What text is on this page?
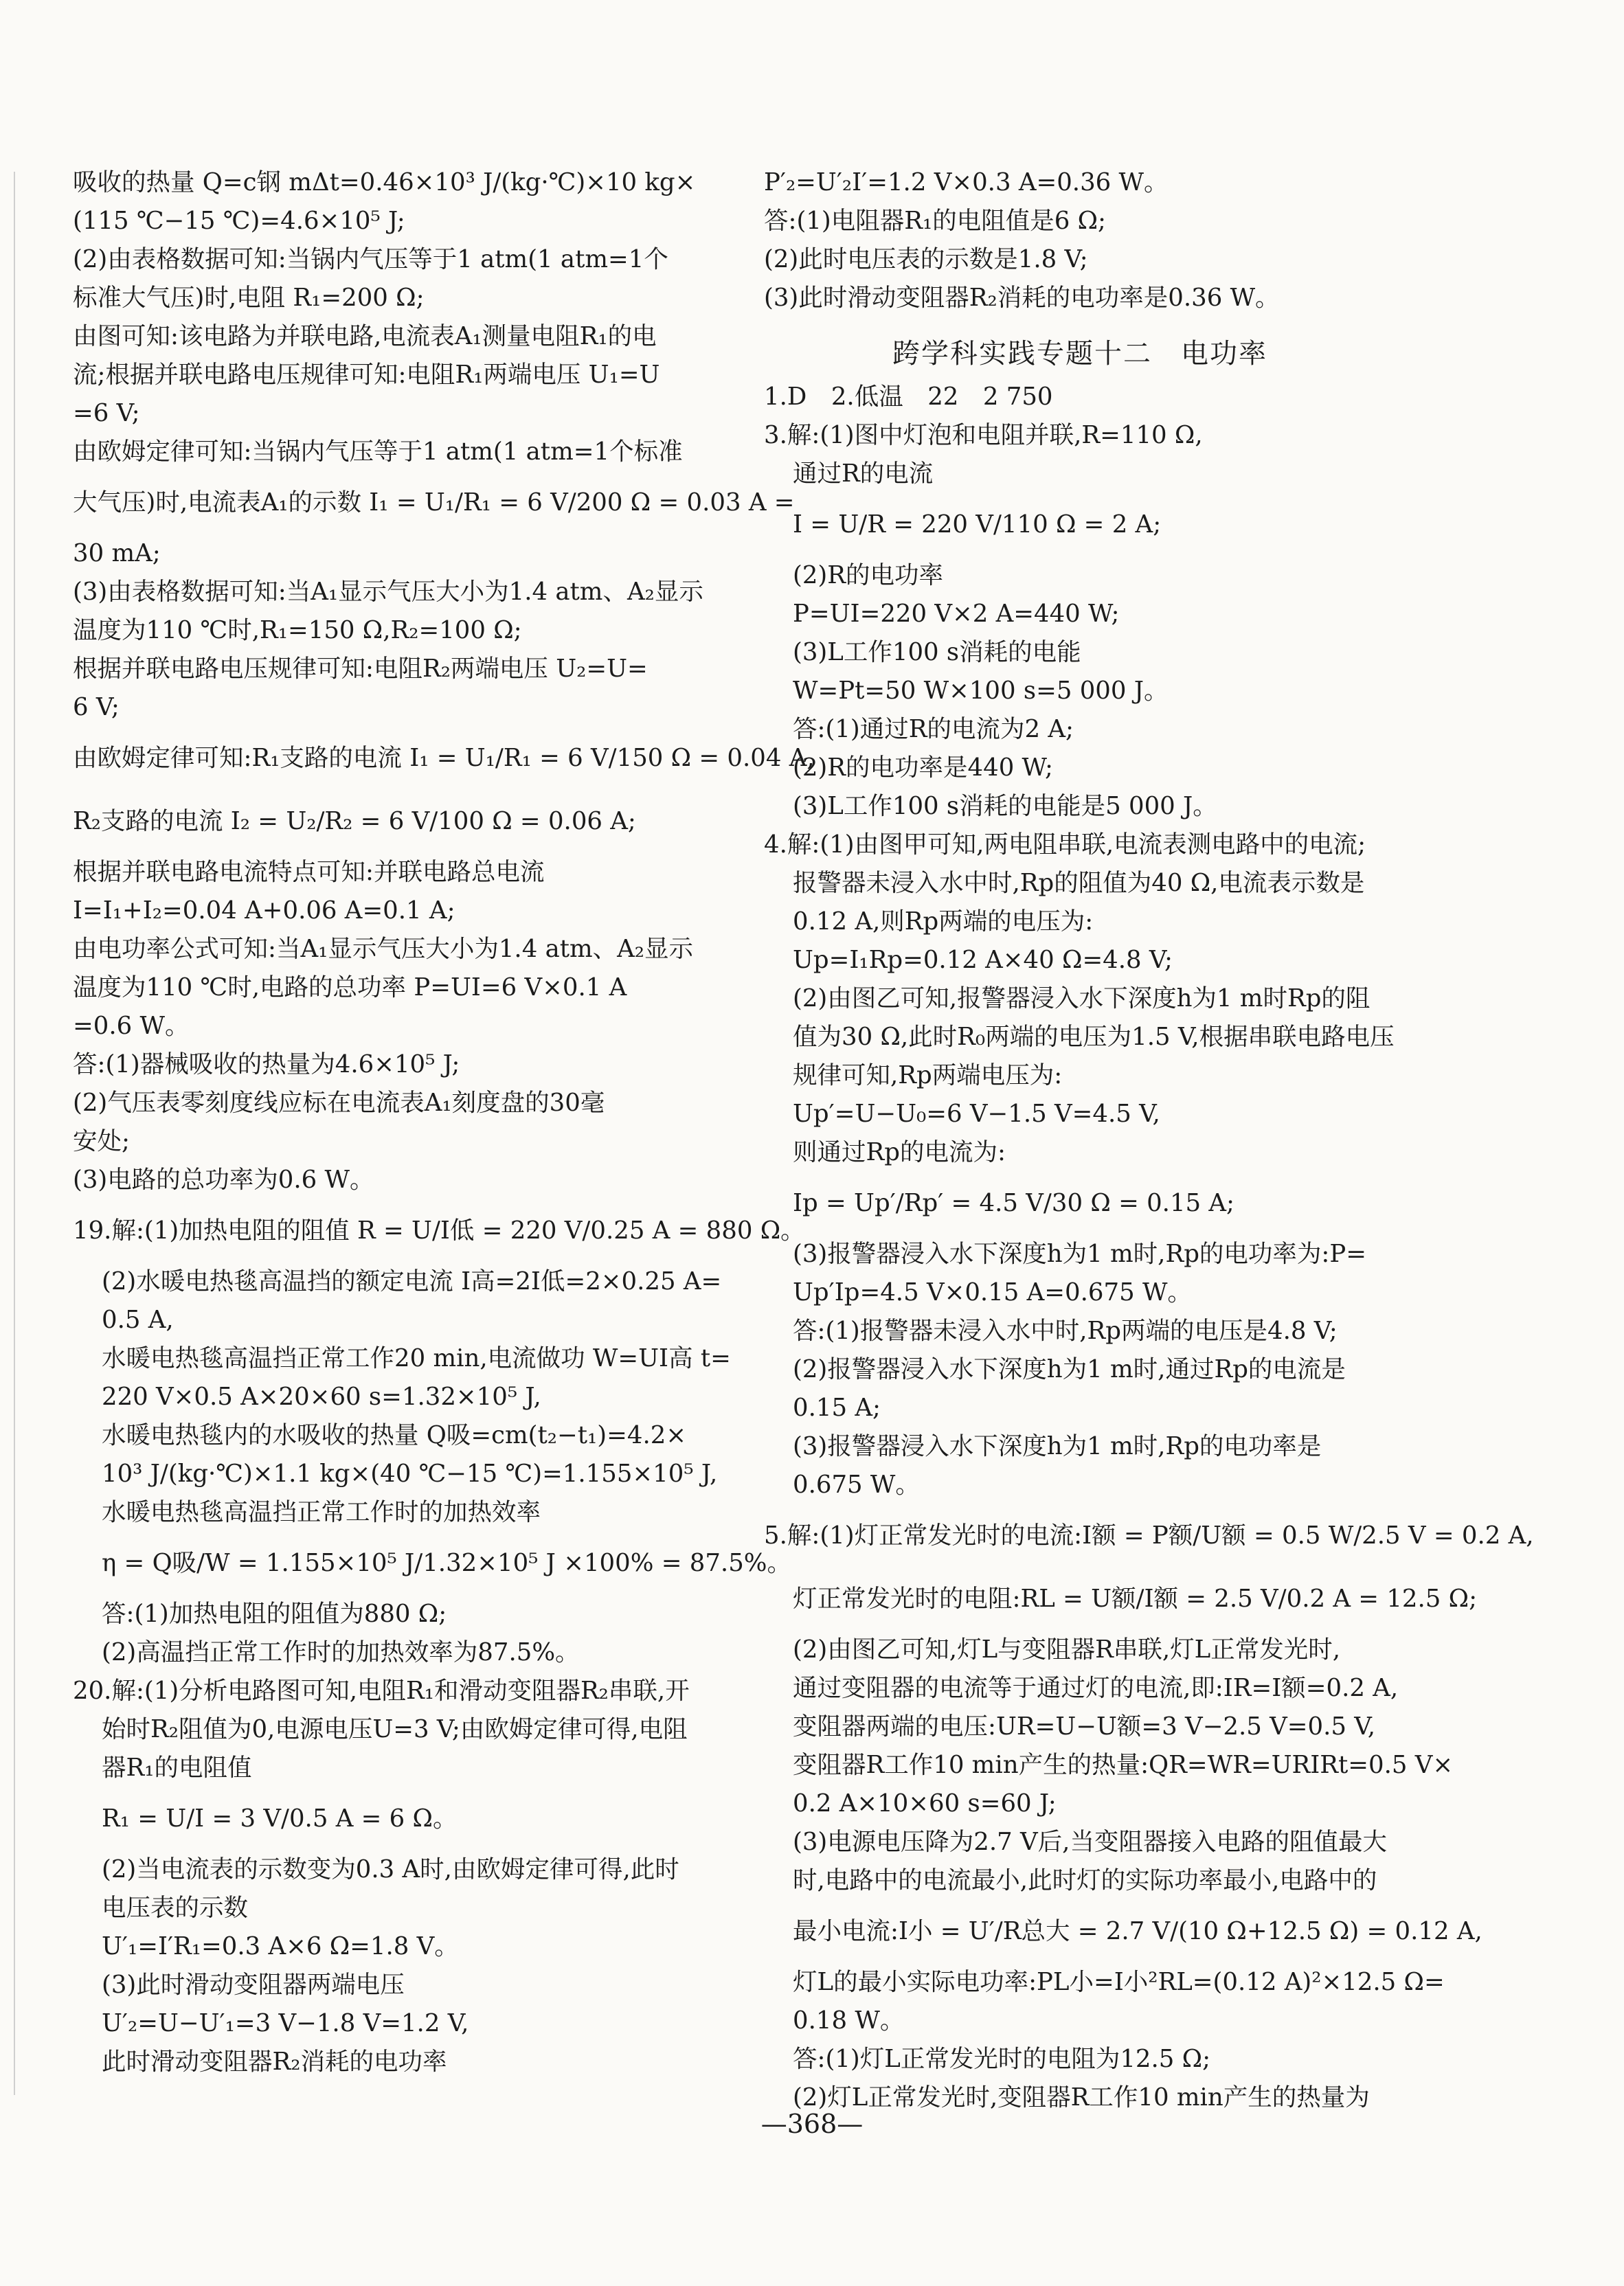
吸收的热量 Q=c钢 mΔt=0.46×10³ J/(kg·℃)×10 kg×
(115 ℃−15 ℃)=4.6×10⁵ J;
(2)由表格数据可知:当锅内气压等于1 atm(1 atm=1个
标准大气压)时,电阻 R₁=200 Ω;
由图可知:该电路为并联电路,电流表A₁测量电阻R₁的电
流;根据并联电路电压规律可知:电阻R₁两端电压 U₁=U
=6 V;
由欧姆定律可知:当锅内气压等于1 atm(1 atm=1个标准
大气压)时,电流表A₁的示数 I₁ = U₁/R₁ = 6 V/200 Ω = 0.03 A =
30 mA;
(3)由表格数据可知:当A₁显示气压大小为1.4 atm、A₂显示
温度为110 ℃时,R₁=150 Ω,R₂=100 Ω;
根据并联电路电压规律可知:电阻R₂两端电压 U₂=U=
6 V;
由欧姆定律可知:R₁支路的电流 I₁ = U₁/R₁ = 6 V/150 Ω = 0.04 A,
R₂支路的电流 I₂ = U₂/R₂ = 6 V/100 Ω = 0.06 A;
根据并联电路电流特点可知:并联电路总电流
I=I₁+I₂=0.04 A+0.06 A=0.1 A;
由电功率公式可知:当A₁显示气压大小为1.4 atm、A₂显示
温度为110 ℃时,电路的总功率 P=UI=6 V×0.1 A
=0.6 W。
答:(1)器械吸收的热量为4.6×10⁵ J;
(2)气压表零刻度线应标在电流表A₁刻度盘的30毫
安处;
(3)电路的总功率为0.6 W。
19.解:(1)加热电阻的阻值 R = U/I低 = 220 V/0.25 A = 880 Ω。
(2)水暖电热毯高温挡的额定电流 I高=2I低=2×0.25 A=
0.5 A,
水暖电热毯高温挡正常工作20 min,电流做功 W=UI高 t=
220 V×0.5 A×20×60 s=1.32×10⁵ J,
水暖电热毯内的水吸收的热量 Q吸=cm(t₂−t₁)=4.2×
10³ J/(kg·℃)×1.1 kg×(40 ℃−15 ℃)=1.155×10⁵ J,
水暖电热毯高温挡正常工作时的加热效率
η = Q吸/W = 1.155×10⁵ J/1.32×10⁵ J ×100% = 87.5%。
答:(1)加热电阻的阻值为880 Ω;
(2)高温挡正常工作时的加热效率为87.5%。
20.解:(1)分析电路图可知,电阻R₁和滑动变阻器R₂串联,开
始时R₂阻值为0,电源电压U=3 V;由欧姆定律可得,电阻
器R₁的电阻值
R₁ = U/I = 3 V/0.5 A = 6 Ω。
(2)当电流表的示数变为0.3 A时,由欧姆定律可得,此时
电压表的示数
U′₁=I′R₁=0.3 A×6 Ω=1.8 V。
(3)此时滑动变阻器两端电压
U′₂=U−U′₁=3 V−1.8 V=1.2 V,
此时滑动变阻器R₂消耗的电功率
P′₂=U′₂I′=1.2 V×0.3 A=0.36 W。
答:(1)电阻器R₁的电阻值是6 Ω;
(2)此时电压表的示数是1.8 V;
(3)此时滑动变阻器R₂消耗的电功率是0.36 W。
跨学科实践专题十二　电功率
1.D　2.低温　22　2 750
3.解:(1)图中灯泡和电阻并联,R=110 Ω,
通过R的电流
I = U/R = 220 V/110 Ω = 2 A;
(2)R的电功率
P=UI=220 V×2 A=440 W;
(3)L工作100 s消耗的电能
W=Pt=50 W×100 s=5 000 J。
答:(1)通过R的电流为2 A;
(2)R的电功率是440 W;
(3)L工作100 s消耗的电能是5 000 J。
4.解:(1)由图甲可知,两电阻串联,电流表测电路中的电流;
报警器未浸入水中时,Rp的阻值为40 Ω,电流表示数是
0.12 A,则Rp两端的电压为:
Up=I₁Rp=0.12 A×40 Ω=4.8 V;
(2)由图乙可知,报警器浸入水下深度h为1 m时Rp的阻
值为30 Ω,此时R₀两端的电压为1.5 V,根据串联电路电压
规律可知,Rp两端电压为:
Up′=U−U₀=6 V−1.5 V=4.5 V,
则通过Rp的电流为:
Ip = Up′/Rp′ = 4.5 V/30 Ω = 0.15 A;
(3)报警器浸入水下深度h为1 m时,Rp的电功率为:P=
Up′Ip=4.5 V×0.15 A=0.675 W。
答:(1)报警器未浸入水中时,Rp两端的电压是4.8 V;
(2)报警器浸入水下深度h为1 m时,通过Rp的电流是
0.15 A;
(3)报警器浸入水下深度h为1 m时,Rp的电功率是
0.675 W。
5.解:(1)灯正常发光时的电流:I额 = P额/U额 = 0.5 W/2.5 V = 0.2 A,
灯正常发光时的电阻:RL = U额/I额 = 2.5 V/0.2 A = 12.5 Ω;
(2)由图乙可知,灯L与变阻器R串联,灯L正常发光时,
通过变阻器的电流等于通过灯的电流,即:IR=I额=0.2 A,
变阻器两端的电压:UR=U−U额=3 V−2.5 V=0.5 V,
变阻器R工作10 min产生的热量:QR=WR=URIRt=0.5 V×
0.2 A×10×60 s=60 J;
(3)电源电压降为2.7 V后,当变阻器接入电路的阻值最大
时,电路中的电流最小,此时灯的实际功率最小,电路中的
最小电流:I小 = U′/R总大 = 2.7 V/(10 Ω+12.5 Ω) = 0.12 A,
灯L的最小实际电功率:PL小=I小²RL=(0.12 A)²×12.5 Ω=
0.18 W。
答:(1)灯L正常发光时的电阻为12.5 Ω;
(2)灯L正常发光时,变阻器R工作10 min产生的热量为
—368—
